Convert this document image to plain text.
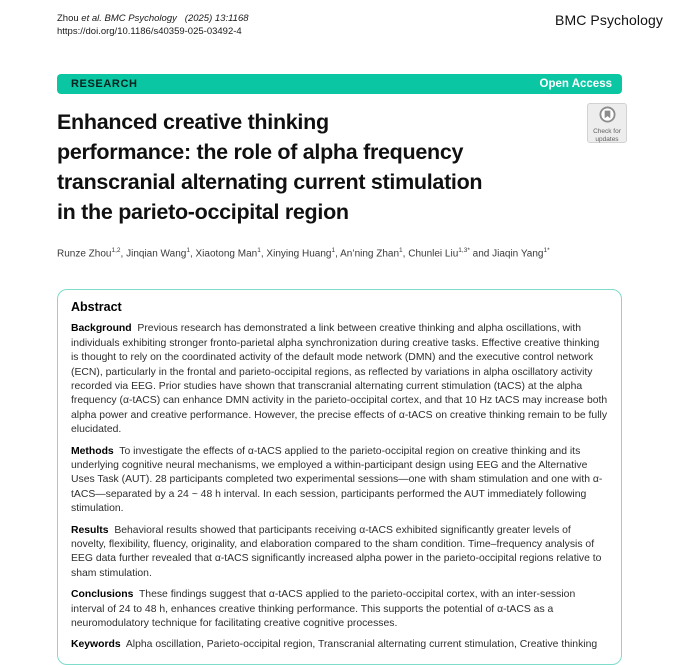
Zhou et al. BMC Psychology (2025) 13:1168
https://doi.org/10.1186/s40359-025-03492-4
BMC Psychology
RESEARCH	Open Access
Enhanced creative thinking
performance: the role of alpha frequency
transcranial alternating current stimulation
in the parieto-occipital region
Check for
updates

Runze Zhou$^{1,2}$, Jinqian Wang$^1$, Xiaotong Man$^1$, Xinying Huang$^1$, An’ning Zhan$^1$, Chunlei Liu$^{1,3*}$ and Jiaqin Yang$^{1*}$

Abstract

Background  Previous research has demonstrated a link between creative thinking and alpha oscillations, with individuals exhibiting stronger fronto-parietal alpha synchronization during creative tasks. Effective creative thinking is thought to rely on the coordinated activity of the default mode network (DMN) and the executive control network (ECN), particularly in the frontal and parieto-occipital regions, as reflected by variations in alpha oscillatory activity recorded via EEG. Prior studies have shown that transcranial alternating current stimulation (tACS) at the alpha frequency (α-tACS) can enhance DMN activity in the parieto-occipital cortex, and that 10 Hz tACS may increase both alpha power and creative performance. However, the precise effects of α-tACS on creative thinking remain to be fully elucidated.

Methods  To investigate the effects of α-tACS applied to the parieto-occipital region on creative thinking and its underlying cognitive neural mechanisms, we employed a within-participant design using EEG and the Alternative Uses Task (AUT). 28 participants completed two experimental sessions—one with sham stimulation and one with α-tACS—separated by a 24 ~ 48 h interval. In each session, participants performed the AUT immediately following stimulation.

Results  Behavioral results showed that participants receiving α-tACS exhibited significantly greater levels of novelty, flexibility, fluency, originality, and elaboration compared to the sham condition. Time–frequency analysis of EEG data further revealed that α-tACS significantly increased alpha power in the parieto-occipital regions relative to sham stimulation.

Conclusions  These findings suggest that α-tACS applied to the parieto-occipital cortex, with an inter-session interval of 24 to 48 h, enhances creative thinking performance. This supports the potential of α-tACS as a neuromodulatory technique for facilitating creative cognitive processes.

Keywords  Alpha oscillation, Parieto-occipital region, Transcranial alternating current stimulation, Creative thinking
